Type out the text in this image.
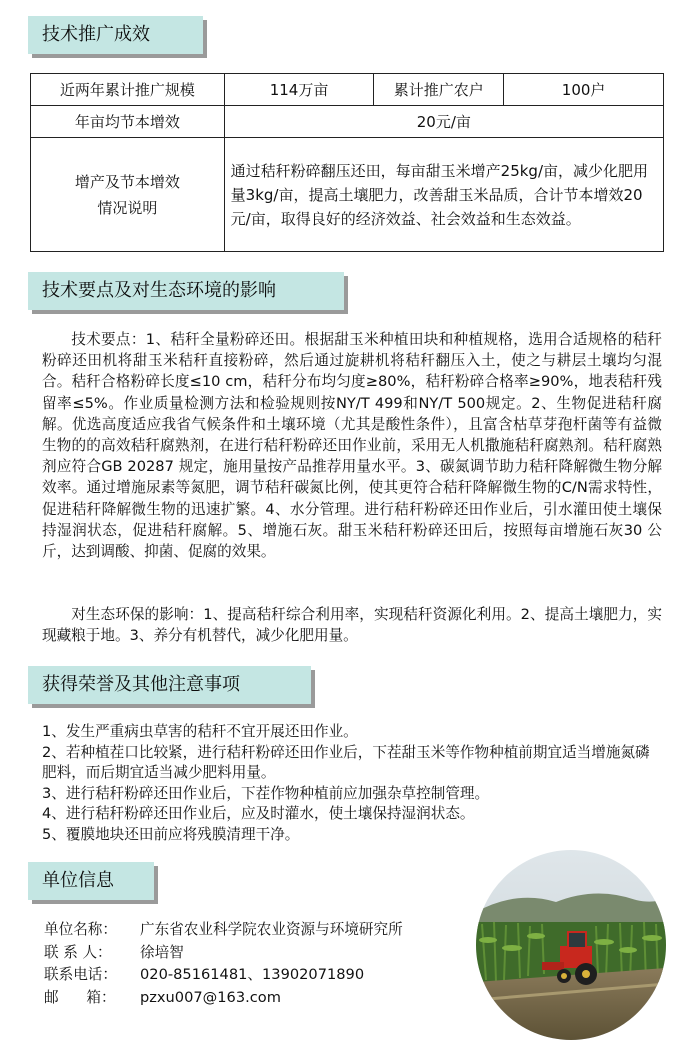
技术推广成效
近两年累计推广规模	114万亩	累计推广农户	100户
年亩均节本增效	20元/亩		
增产及节本增效
情况说明	通过秸秆粉碎翻压还田，每亩甜玉米增产25kg/亩，减少化肥用量3kg/亩，提高土壤肥力，改善甜玉米品质，合计节本增效20元/亩，取得良好的经济效益、社会效益和生态效益。		
技术要点及对生态环境的影响

技术要点：1、秸秆全量粉碎还田。根据甜玉米种植田块和种植规格，选用合适规格的秸秆粉碎还田机将甜玉米秸秆直接粉碎，然后通过旋耕机将秸秆翻压入土，使之与耕层土壤均匀混合。秸秆合格粉碎长度≤10 cm，秸秆分布均匀度≥80%，秸秆粉碎合格率≥90%，地表秸秆残留率≤5%。作业质量检测方法和检验规则按NY/T 499和NY/T 500规定。2、生物促进秸秆腐解。优选高度适应我省气候条件和土壤环境（尤其是酸性条件），且富含枯草芽孢杆菌等有益微生物的的高效秸秆腐熟剂，在进行秸秆粉碎还田作业前，采用无人机撒施秸秆腐熟剂。秸秆腐熟剂应符合GB 20287 规定，施用量按产品推荐用量水平。3、碳氮调节助力秸秆降解微生物分解效率。通过增施尿素等氮肥，调节秸秆碳氮比例，使其更符合秸秆降解微生物的C/N需求特性，促进秸秆降解微生物的迅速扩繁。4、水分管理。进行秸秆粉碎还田作业后，引水灌田使土壤保持湿润状态，促进秸秆腐解。5、增施石灰。甜玉米秸秆粉碎还田后，按照每亩增施石灰30 公斤，达到调酸、抑菌、促腐的效果。

对生态环保的影响：1、提高秸秆综合利用率，实现秸秆资源化利用。2、提高土壤肥力，实现藏粮于地。3、养分有机替代，减少化肥用量。

获得荣誉及其他注意事项
1、发生严重病虫草害的秸秆不宜开展还田作业。
2、若种植茬口比较紧，进行秸秆粉碎还田作业后，下茬甜玉米等作物种植前期宜适当增施氮磷肥料，而后期宜适当减少肥料用量。
3、进行秸秆粉碎还田作业后，下茬作物种植前应加强杂草控制管理。
4、进行秸秆粉碎还田作业后，应及时灌水，使土壤保持湿润状态。
5、覆膜地块还田前应将残膜清理干净。
单位信息
单位名称：	广东省农业科学院农业资源与环境研究所
联 系 人：	徐培智
联系电话：	020-85161481、13902071890
邮      箱：	pzxu007@163.com
